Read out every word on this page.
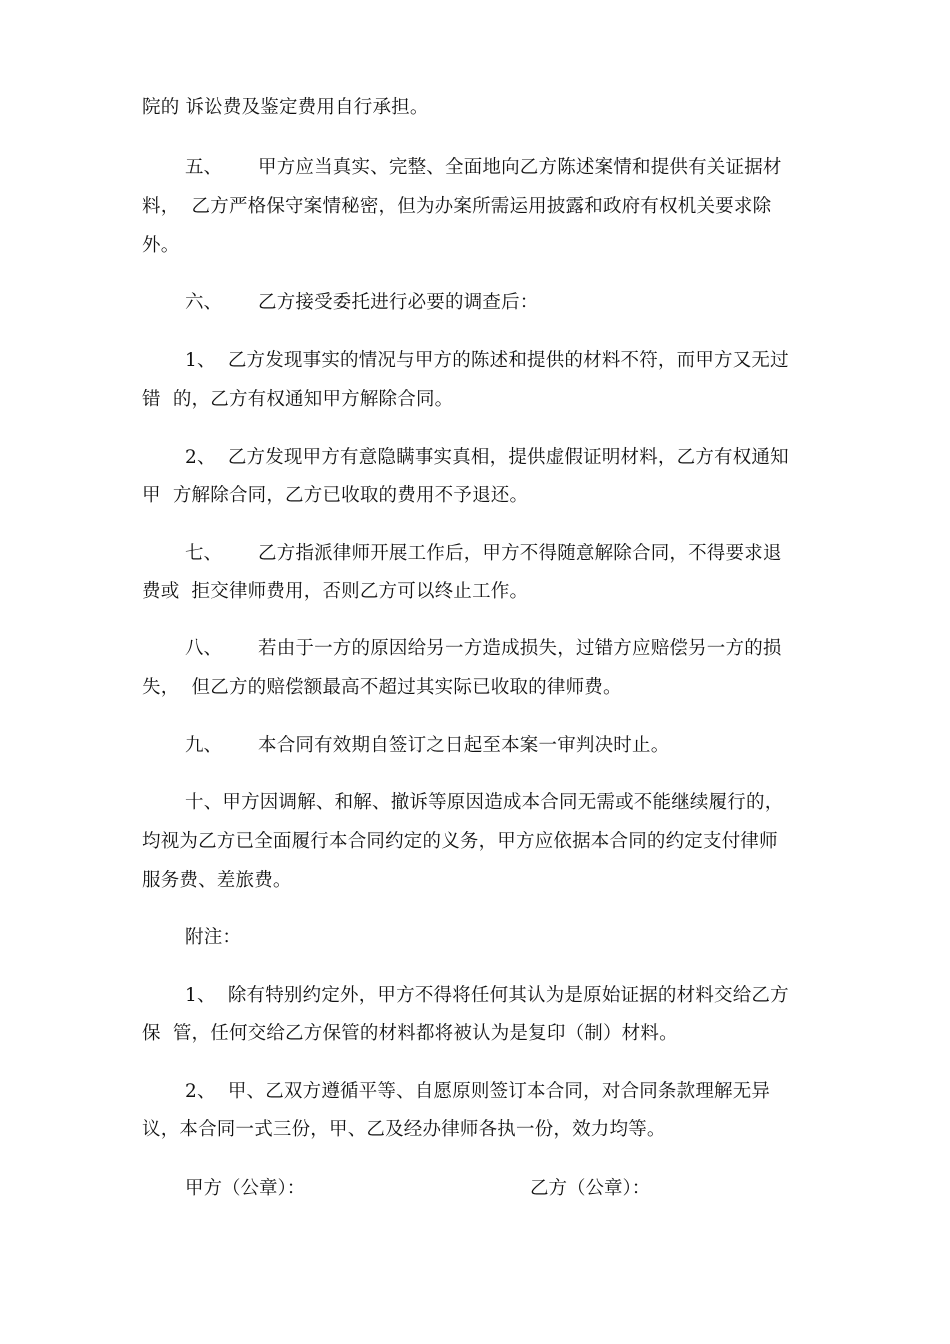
院的 诉讼费及鉴定费用自行承担。
五、 甲方应当真实、完整、全面地向乙方陈述案情和提供有关证据材
料，  乙方严格保守案情秘密，但为办案所需运用披露和政府有权机关要求除
外。
六、 乙方接受委托进行必要的调查后：
1、  乙方发现事实的情况与甲方的陈述和提供的材料不符，而甲方又无过
错  的，乙方有权通知甲方解除合同。
2、  乙方发现甲方有意隐瞒事实真相，提供虚假证明材料，乙方有权通知
甲  方解除合同，乙方已收取的费用不予退还。
七、 乙方指派律师开展工作后，甲方不得随意解除合同，不得要求退
费或  拒交律师费用，否则乙方可以终止工作。
八、 若由于一方的原因给另一方造成损失，过错方应赔偿另一方的损
失，  但乙方的赔偿额最高不超过其实际已收取的律师费。
九、 本合同有效期自签订之日起至本案一审判决时止。
十、甲方因调解、和解、撤诉等原因造成本合同无需或不能继续履行的，
均视为乙方已全面履行本合同约定的义务，甲方应依据本合同的约定支付律师
服务费、差旅费。
附注：
1、  除有特别约定外，甲方不得将任何其认为是原始证据的材料交给乙方
保  管，任何交给乙方保管的材料都将被认为是复印（制）材料。
2、  甲、乙双方遵循平等、自愿原则签订本合同，对合同条款理解无异
议，本合同一式三份，甲、乙及经办律师各执一份，效力均等。
甲方（公章）：	乙方（公章）：
